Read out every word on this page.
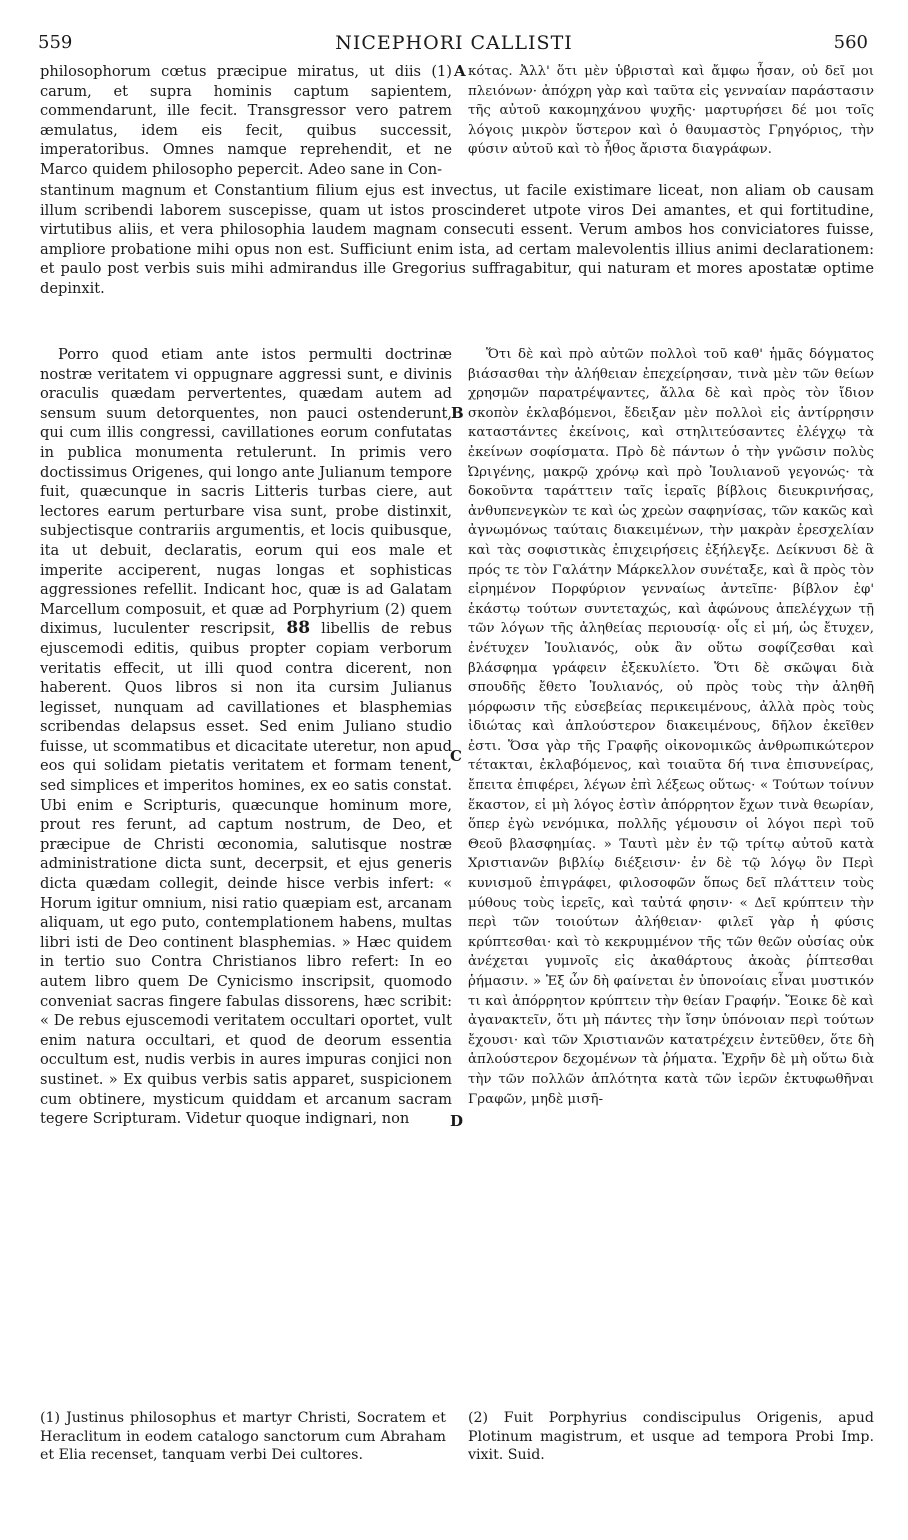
559	NICEPHORI CALLISTI	560
A
B
C
D

philosophorum cœtus præcipue miratus, ut diis (1) carum, et supra hominis captum sapientem, commendarunt, ille fecit. Transgressor vero patrem æmulatus, idem eis fecit, quibus successit, imperatoribus. Omnes namque reprehendit, et ne Marco quidem philosopho pepercit. Adeo sane in Con-

κότας. Ἀλλ' ὅτι μὲν ὑβρισταὶ καὶ ἄμφω ἦσαν, οὐ δεῖ μοι πλειόνων· ἀπόχρη γὰρ καὶ ταῦτα εἰς γενναίαν παράστασιν τῆς αὐτοῦ κακομηχάνου ψυχῆς· μαρτυρήσει δέ μοι τοῖς λόγοις μικρὸν ὕστερον καὶ ὁ θαυμαστὸς Γρηγόριος, τὴν φύσιν αὐτοῦ καὶ τὸ ἦθος ἄριστα διαγράφων.

stantinum magnum et Constantium filium ejus est invectus, ut facile existimare liceat, non aliam ob causam illum scribendi laborem suscepisse, quam ut istos proscinderet utpote viros Dei amantes, et qui fortitudine, virtutibus aliis, et vera philosophia laudem magnam consecuti essent. Verum ambos hos conviciatores fuisse, ampliore probatione mihi opus non est. Sufficiunt enim ista, ad certam malevolentis illius animi declarationem: et paulo post verbis suis mihi admirandus ille Gregorius suffragabitur, qui naturam et mores apostatæ optime depinxit.

Porro quod etiam ante istos permulti doctrinæ nostræ veritatem vi oppugnare aggressi sunt, e divinis oraculis quædam pervertentes, quædam autem ad sensum suum detorquentes, non pauci ostenderunt, qui cum illis congressi, cavillationes eorum confutatas in publica monumenta retulerunt. In primis vero doctissimus Origenes, qui longo ante Julianum tempore fuit, quæcunque in sacris Litteris turbas ciere, aut lectores earum perturbare visa sunt, probe distinxit, subjectisque contrariis argumentis, et locis quibusque, ita ut debuit, declaratis, eorum qui eos male et imperite acciperent, nugas longas et sophisticas aggressiones refellit. Indicant hoc, quæ is ad Galatam Marcellum composuit, et quæ ad Porphyrium (2) quem diximus, luculenter rescripsit, 88 libellis de rebus ejuscemodi editis, quibus propter copiam verborum veritatis effecit, ut illi quod contra dicerent, non haberent. Quos libros si non ita cursim Julianus legisset, nunquam ad cavillationes et blasphemias scribendas delapsus esset. Sed enim Juliano studio fuisse, ut scommatibus et dicacitate uteretur, non apud eos qui solidam pietatis veritatem et formam tenent, sed simplices et imperitos homines, ex eo satis constat. Ubi enim e Scripturis, quæcunque hominum more, prout res ferunt, ad captum nostrum, de Deo, et præcipue de Christi œconomia, salutisque nostræ administratione dicta sunt, decerpsit, et ejus generis dicta quædam collegit, deinde hisce verbis infert: « Horum igitur omnium, nisi ratio quæpiam est, arcanam aliquam, ut ego puto, contemplationem habens, multas libri isti de Deo continent blasphemias. » Hæc quidem in tertio suo Contra Christianos libro refert: In eo autem libro quem De Cynicismo inscripsit, quomodo conveniat sacras fingere fabulas dissorens, hæc scribit: « De rebus ejuscemodi veritatem occultari oportet, vult enim natura occultari, et quod de deorum essentia occultum est, nudis verbis in aures impuras conjici non sustinet. » Ex quibus verbis satis apparet, suspicionem cum obtinere, mysticum quiddam et arcanum sacram tegere Scripturam. Videtur quoque indignari, non

Ὅτι δὲ καὶ πρὸ αὐτῶν πολλοὶ τοῦ καθ' ἡμᾶς δόγματος βιάσασθαι τὴν ἀλήθειαν ἐπεχείρησαν, τινὰ μὲν τῶν θείων χρησμῶν παρατρέψαντες, ἄλλα δὲ καὶ πρὸς τὸν ἴδιον σκοπὸν ἐκλαβόμενοι, ἔδειξαν μὲν πολλοὶ εἰς ἀντίρρησιν καταστάντες ἐκείνοις, καὶ στηλιτεύσαντες ἐλέγχῳ τὰ ἐκείνων σοφίσματα. Πρὸ δὲ πάντων ὁ τὴν γνῶσιν πολὺς Ὠριγένης, μακρῷ χρόνῳ καὶ πρὸ Ἰουλιανοῦ γεγονώς· τὰ δοκοῦντα ταράττειν ταῖς ἱεραῖς βίβλοις διευκρινήσας, ἀνθυπενεγκὼν τε καὶ ὡς χρεὼν σαφηνίσας, τῶν κακῶς καὶ ἀγνωμόνως ταύταις διακειμένων, τὴν μακρὰν ἐρεσχελίαν καὶ τὰς σοφιστικὰς ἐπιχειρήσεις ἐξήλεγξε. Δείκνυσι δὲ ἃ πρός τε τὸν Γαλάτην Μάρκελλον συνέταξε, καὶ ἃ πρὸς τὸν εἰρημένον Πορφύριον γενναίως ἀντεῖπε· βίβλον ἐφ' ἑκάστῳ τούτων συντεταχώς, καὶ ἀφώνους ἀπελέγχων τῇ τῶν λόγων τῆς ἀληθείας περιουσίᾳ· οἷς εἰ μή, ὡς ἔτυχεν, ἐνέτυχεν Ἰουλιανός, οὐκ ἂν οὕτω σοφίζεσθαι καὶ βλάσφημα γράφειν ἐξεκυλίετο. Ὅτι δὲ σκῶψαι διὰ σπουδῆς ἔθετο Ἰουλιανός, οὐ πρὸς τοὺς τὴν ἀληθῆ μόρφωσιν τῆς εὐσεβείας περικειμένους, ἀλλὰ πρὸς τοὺς ἰδιώτας καὶ ἁπλούστερον διακειμένους, δῆλον ἐκεῖθεν ἐστι. Ὅσα γὰρ τῆς Γραφῆς οἰκονομικῶς ἀνθρωπικώτερον τέτακται, ἐκλαβόμενος, καὶ τοιαῦτα δή τινα ἐπισυνείρας, ἔπειτα ἐπιφέρει, λέγων ἐπὶ λέξεως οὕτως· « Τούτων τοίνυν ἕκαστον, εἰ μὴ λόγος ἐστὶν ἀπόρρητον ἔχων τινὰ θεωρίαν, ὅπερ ἐγὼ νενόμικα, πολλῆς γέμουσιν οἱ λόγοι περὶ τοῦ Θεοῦ βλασφημίας. » Ταυτὶ μὲν ἐν τῷ τρίτῳ αὐτοῦ κατὰ Χριστιανῶν βιβλίῳ διέξεισιν· ἐν δὲ τῷ λόγῳ ὃν Περὶ κυνισμοῦ ἐπιγράφει, φιλοσοφῶν ὅπως δεῖ πλάττειν τοὺς μύθους τοὺς ἱερεῖς, καὶ ταὐτά φησιν· « Δεῖ κρύπτειν τὴν περὶ τῶν τοιούτων ἀλήθειαν· φιλεῖ γὰρ ἡ φύσις κρύπτεσθαι· καὶ τὸ κεκρυμμένον τῆς τῶν θεῶν οὐσίας οὐκ ἀνέχεται γυμνοῖς εἰς ἀκαθάρτους ἀκοὰς ῥίπτεσθαι ῥήμασιν. » Ἐξ ὧν δὴ φαίνεται ἐν ὑπονοίαις εἶναι μυστικόν τι καὶ ἀπόρρητον κρύπτειν τὴν θείαν Γραφήν. Ἔοικε δὲ καὶ ἀγανακτεῖν, ὅτι μὴ πάντες τὴν ἴσην ὑπόνοιαν περὶ τούτων ἔχουσι· καὶ τῶν Χριστιανῶν κατατρέχειν ἐντεῦθεν, ὅτε δὴ ἁπλούστερον δεχομένων τὰ ῥήματα. Ἐχρῆν δὲ μὴ οὕτω διὰ τὴν τῶν πολλῶν ἁπλότητα κατὰ τῶν ἱερῶν ἐκτυφωθῆναι Γραφῶν, μηδὲ μισῆ-

(1) Justinus philosophus et martyr Christi, Socratem et Heraclitum in eodem catalogo sanctorum cum Abraham et Elia recenset, tanquam verbi Dei cultores.

(2) Fuit Porphyrius condiscipulus Origenis, apud Plotinum magistrum, et usque ad tempora Probi Imp. vixit. Suid.
